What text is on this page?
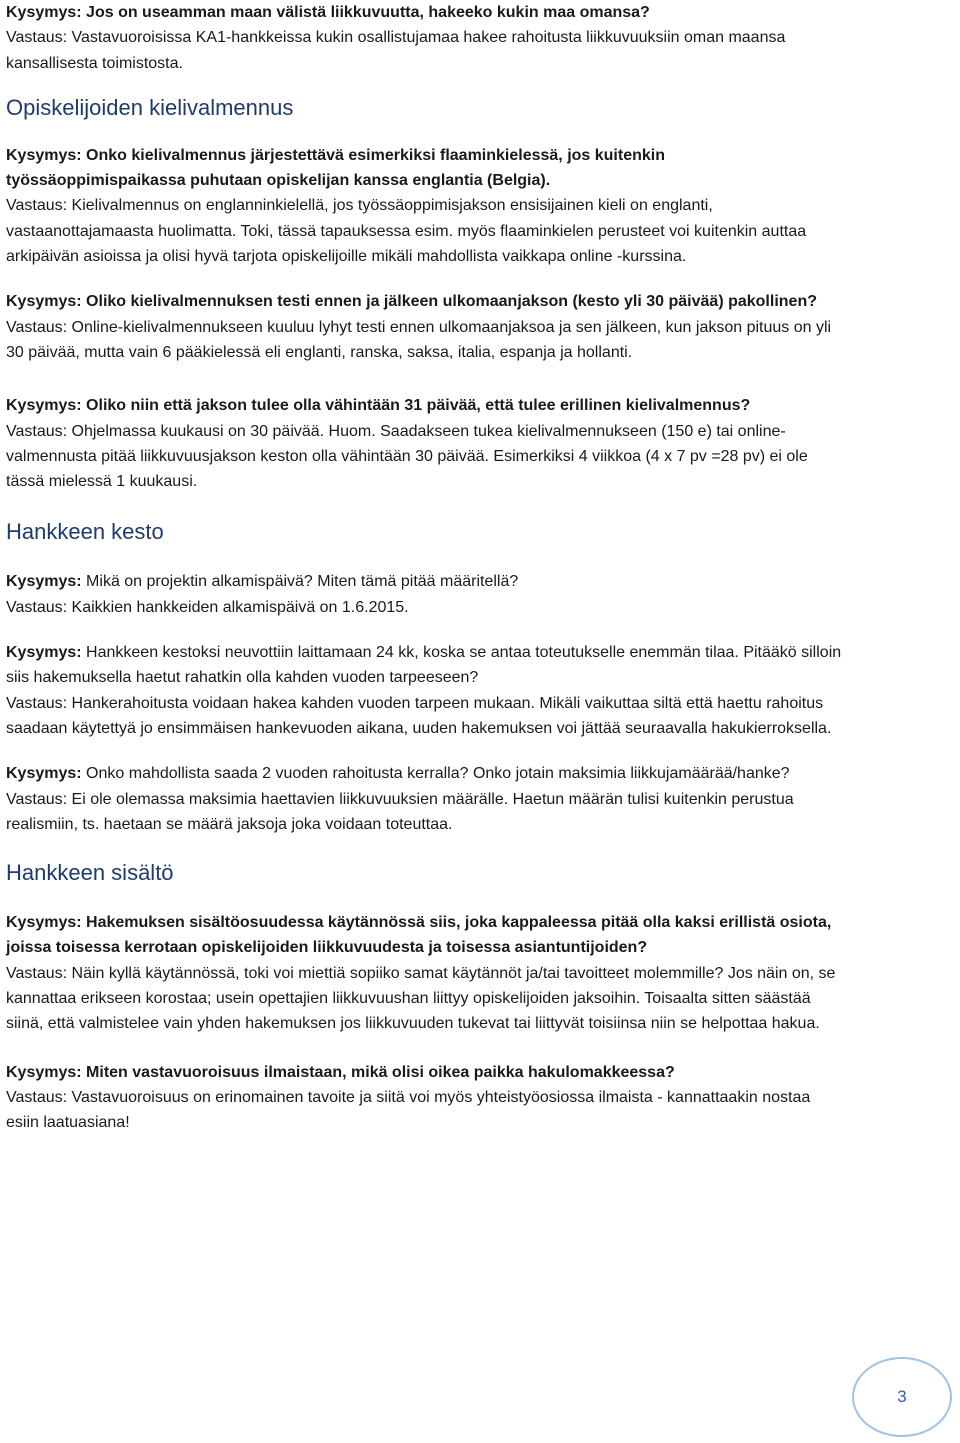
Kysymys: Jos on useamman maan välistä liikkuvuutta, hakeeko kukin maa omansa?

Vastaus: Vastavuoroisissa KA1-hankkeissa kukin osallistujamaa hakee rahoitusta liikkuvuuksiin oman maansa kansallisesta toimistosta.

Opiskelijoiden kielivalmennus

Kysymys: Onko kielivalmennus järjestettävä esimerkiksi flaaminkielessä, jos kuitenkin työssäoppimispaikassa puhutaan opiskelijan kanssa englantia (Belgia).

Vastaus: Kielivalmennus on englanninkielellä, jos työssäoppimisjakson ensisijainen kieli on englanti, vastaanottajamaasta huolimatta. Toki, tässä tapauksessa esim. myös flaaminkielen perusteet voi kuitenkin auttaa arkipäivän asioissa ja olisi hyvä tarjota opiskelijoille mikäli mahdollista vaikkapa online -kurssina.

Kysymys: Oliko kielivalmennuksen testi ennen ja jälkeen ulkomaanjakson (kesto yli 30 päivää) pakollinen?

Vastaus: Online-kielivalmennukseen kuuluu lyhyt testi ennen ulkomaanjaksoa ja sen jälkeen, kun jakson pituus on yli 30 päivää, mutta vain 6 pääkielessä eli englanti, ranska, saksa, italia, espanja ja hollanti.

Kysymys: Oliko niin että jakson tulee olla vähintään 31 päivää, että tulee erillinen kielivalmennus?

Vastaus: Ohjelmassa kuukausi on 30 päivää. Huom. Saadakseen tukea kielivalmennukseen (150 e) tai online-valmennusta pitää liikkuvuusjakson keston olla vähintään 30 päivää. Esimerkiksi 4 viikkoa (4 x 7 pv =28 pv) ei ole tässä mielessä 1 kuukausi.

Hankkeen kesto

Kysymys: Mikä on projektin alkamispäivä? Miten tämä pitää määritellä?

Vastaus: Kaikkien hankkeiden alkamispäivä on 1.6.2015.

Kysymys: Hankkeen kestoksi neuvottiin laittamaan 24 kk, koska se antaa toteutukselle enemmän tilaa. Pitääkö silloin siis hakemuksella haetut rahatkin olla kahden vuoden tarpeeseen?

Vastaus: Hankerahoitusta voidaan hakea kahden vuoden tarpeen mukaan. Mikäli vaikuttaa siltä että haettu rahoitus saadaan käytettyä jo ensimmäisen hankevuoden aikana, uuden hakemuksen voi jättää seuraavalla hakukierroksella.

Kysymys: Onko mahdollista saada 2 vuoden rahoitusta kerralla? Onko jotain maksimia liikkujamäärää/hanke?

Vastaus: Ei ole olemassa maksimia haettavien liikkuvuuksien määrälle. Haetun määrän tulisi kuitenkin perustua realismiin, ts. haetaan se määrä jaksoja joka voidaan toteuttaa.

Hankkeen sisältö

Kysymys: Hakemuksen sisältöosuudessa käytännössä siis, joka kappaleessa pitää olla kaksi erillistä osiota, joissa toisessa kerrotaan opiskelijoiden liikkuvuudesta ja toisessa asiantuntijoiden?

Vastaus: Näin kyllä käytännössä, toki voi miettiä sopiiko samat käytännöt ja/tai tavoitteet molemmille? Jos näin on, se kannattaa erikseen korostaa; usein opettajien liikkuvuushan liittyy opiskelijoiden jaksoihin. Toisaalta sitten säästää siinä, että valmistelee vain yhden hakemuksen jos liikkuvuuden tukevat tai liittyvät toisiinsa niin se helpottaa hakua.

Kysymys: Miten vastavuoroisuus ilmaistaan, mikä olisi oikea paikka hakulomakkeessa?

Vastaus: Vastavuoroisuus on erinomainen tavoite ja siitä voi myös yhteistyöosiossa ilmaista - kannattaakin nostaa esiin laatuasiana!

3
